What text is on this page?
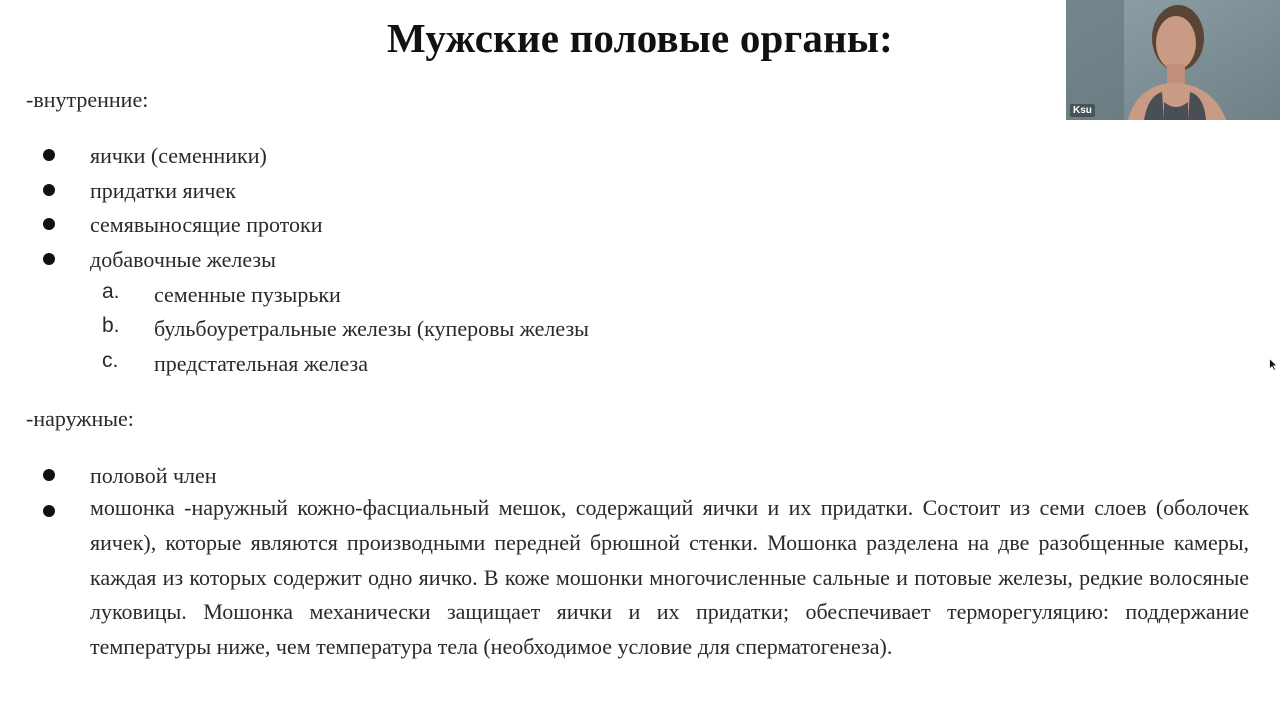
Мужские половые органы:
-внутренние:
яички (семенники)
придатки яичек
семявыносящие протоки
добавочные железы
a. семенные пузырьки
b. бульбоуретральные железы (куперовы железы
c. предстательная железа
-наружные:
половой член
мошонка -наружный кожно-фасциальный мешок, содержащий яички и их придатки. Состоит из семи слоев (оболочек яичек), которые являются производными передней брюшной стенки. Мошонка разделена на две разобщенные камеры, каждая из которых содержит одно яичко. В коже мошонки многочисленные сальные и потовые железы, редкие волосяные луковицы. Мошонка механически защищает яички и их придатки; обеспечивает терморегуляцию: поддержание температуры ниже, чем температура тела (необходимое условие для сперматогенеза).
Ksu
